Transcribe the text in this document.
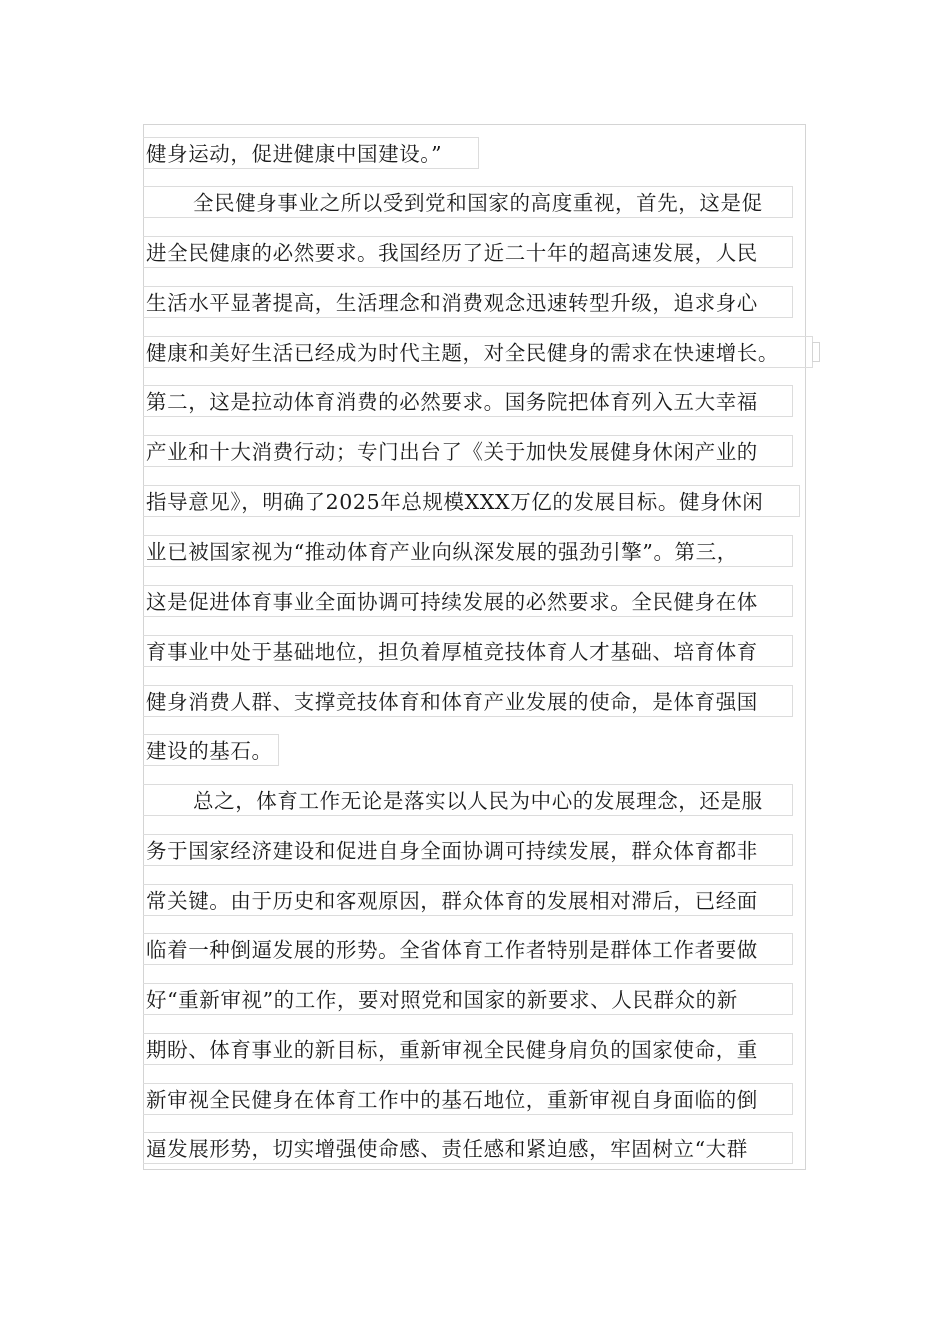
健身运动，促进健康中国建设。”
全民健身事业之所以受到党和国家的高度重视，首先，这是促
进全民健康的必然要求。我国经历了近二十年的超高速发展，人民
生活水平显著提高，生活理念和消费观念迅速转型升级，追求身心
健康和美好生活已经成为时代主题，对全民健身的需求在快速增长。
第二，这是拉动体育消费的必然要求。国务院把体育列入五大幸福
产业和十大消费行动；专门出台了《关于加快发展健身休闲产业的
指导意见》，明确了2025年总规模XXX万亿的发展目标。健身休闲
业已被国家视为“推动体育产业向纵深发展的强劲引擎”。第三，
这是促进体育事业全面协调可持续发展的必然要求。全民健身在体
育事业中处于基础地位，担负着厚植竞技体育人才基础、培育体育
健身消费人群、支撑竞技体育和体育产业发展的使命，是体育强国
建设的基石。
总之，体育工作无论是落实以人民为中心的发展理念，还是服
务于国家经济建设和促进自身全面协调可持续发展，群众体育都非
常关键。由于历史和客观原因，群众体育的发展相对滞后，已经面
临着一种倒逼发展的形势。全省体育工作者特别是群体工作者要做
好“重新审视”的工作，要对照党和国家的新要求、人民群众的新
期盼、体育事业的新目标，重新审视全民健身肩负的国家使命，重
新审视全民健身在体育工作中的基石地位，重新审视自身面临的倒
逼发展形势，切实增强使命感、责任感和紧迫感，牢固树立“大群
